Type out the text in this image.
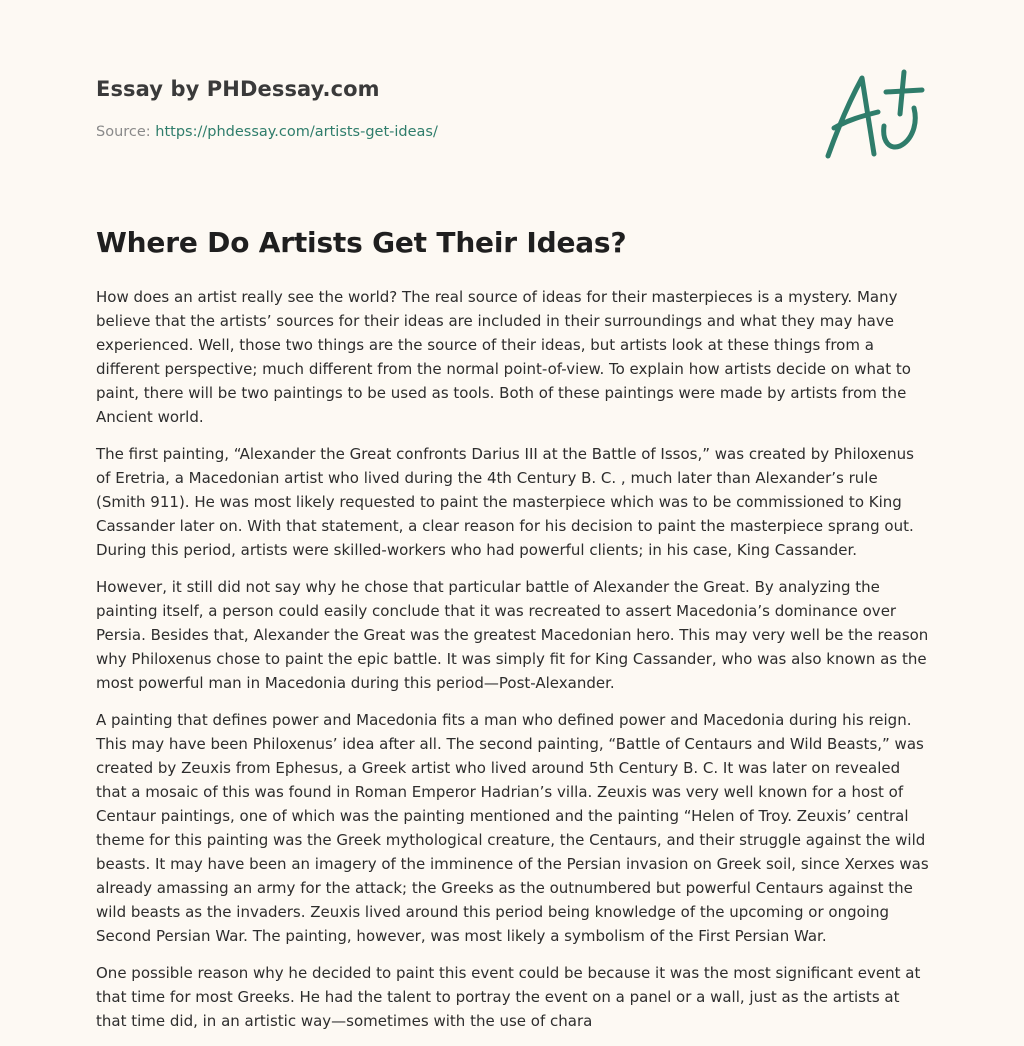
Essay by PHDessay.com
Source: https://phdessay.com/artists-get-ideas/
Where Do Artists Get Their Ideas?

How does an artist really see the world? The real source of ideas for their masterpieces is a mystery. Many believe that the artists’ sources for their ideas are included in their surroundings and what they may have experienced. Well, those two things are the source of their ideas, but artists look at these things from a different perspective; much different from the normal point-of-view. To explain how artists decide on what to paint, there will be two paintings to be used as tools. Both of these paintings were made by artists from the Ancient world.

The first painting, “Alexander the Great confronts Darius III at the Battle of Issos,” was created by Philoxenus of Eretria, a Macedonian artist who lived during the 4th Century B. C. , much later than Alexander’s rule (Smith 911). He was most likely requested to paint the masterpiece which was to be commissioned to King Cassander later on. With that statement, a clear reason for his decision to paint the masterpiece sprang out. During this period, artists were skilled-workers who had powerful clients; in his case, King Cassander.

However, it still did not say why he chose that particular battle of Alexander the Great. By analyzing the painting itself, a person could easily conclude that it was recreated to assert Macedonia’s dominance over Persia. Besides that, Alexander the Great was the greatest Macedonian hero. This may very well be the reason why Philoxenus chose to paint the epic battle. It was simply fit for King Cassander, who was also known as the most powerful man in Macedonia during this period—Post-Alexander.

A painting that defines power and Macedonia fits a man who defined power and Macedonia during his reign. This may have been Philoxenus’ idea after all. The second painting, “Battle of Centaurs and Wild Beasts,” was created by Zeuxis from Ephesus, a Greek artist who lived around 5th Century B. C. It was later on revealed that a mosaic of this was found in Roman Emperor Hadrian’s villa. Zeuxis was very well known for a host of Centaur paintings, one of which was the painting mentioned and the painting “Helen of Troy. Zeuxis’ central theme for this painting was the Greek mythological creature, the Centaurs, and their struggle against the wild beasts. It may have been an imagery of the imminence of the Persian invasion on Greek soil, since Xerxes was already amassing an army for the attack; the Greeks as the outnumbered but powerful Centaurs against the wild beasts as the invaders. Zeuxis lived around this period being knowledge of the upcoming or ongoing Second Persian War. The painting, however, was most likely a symbolism of the First Persian War.

One possible reason why he decided to paint this event could be because it was the most significant event at that time for most Greeks. He had the talent to portray the event on a panel or a wall, just as the artists at that time did, in an artistic way—sometimes with the use of chara
